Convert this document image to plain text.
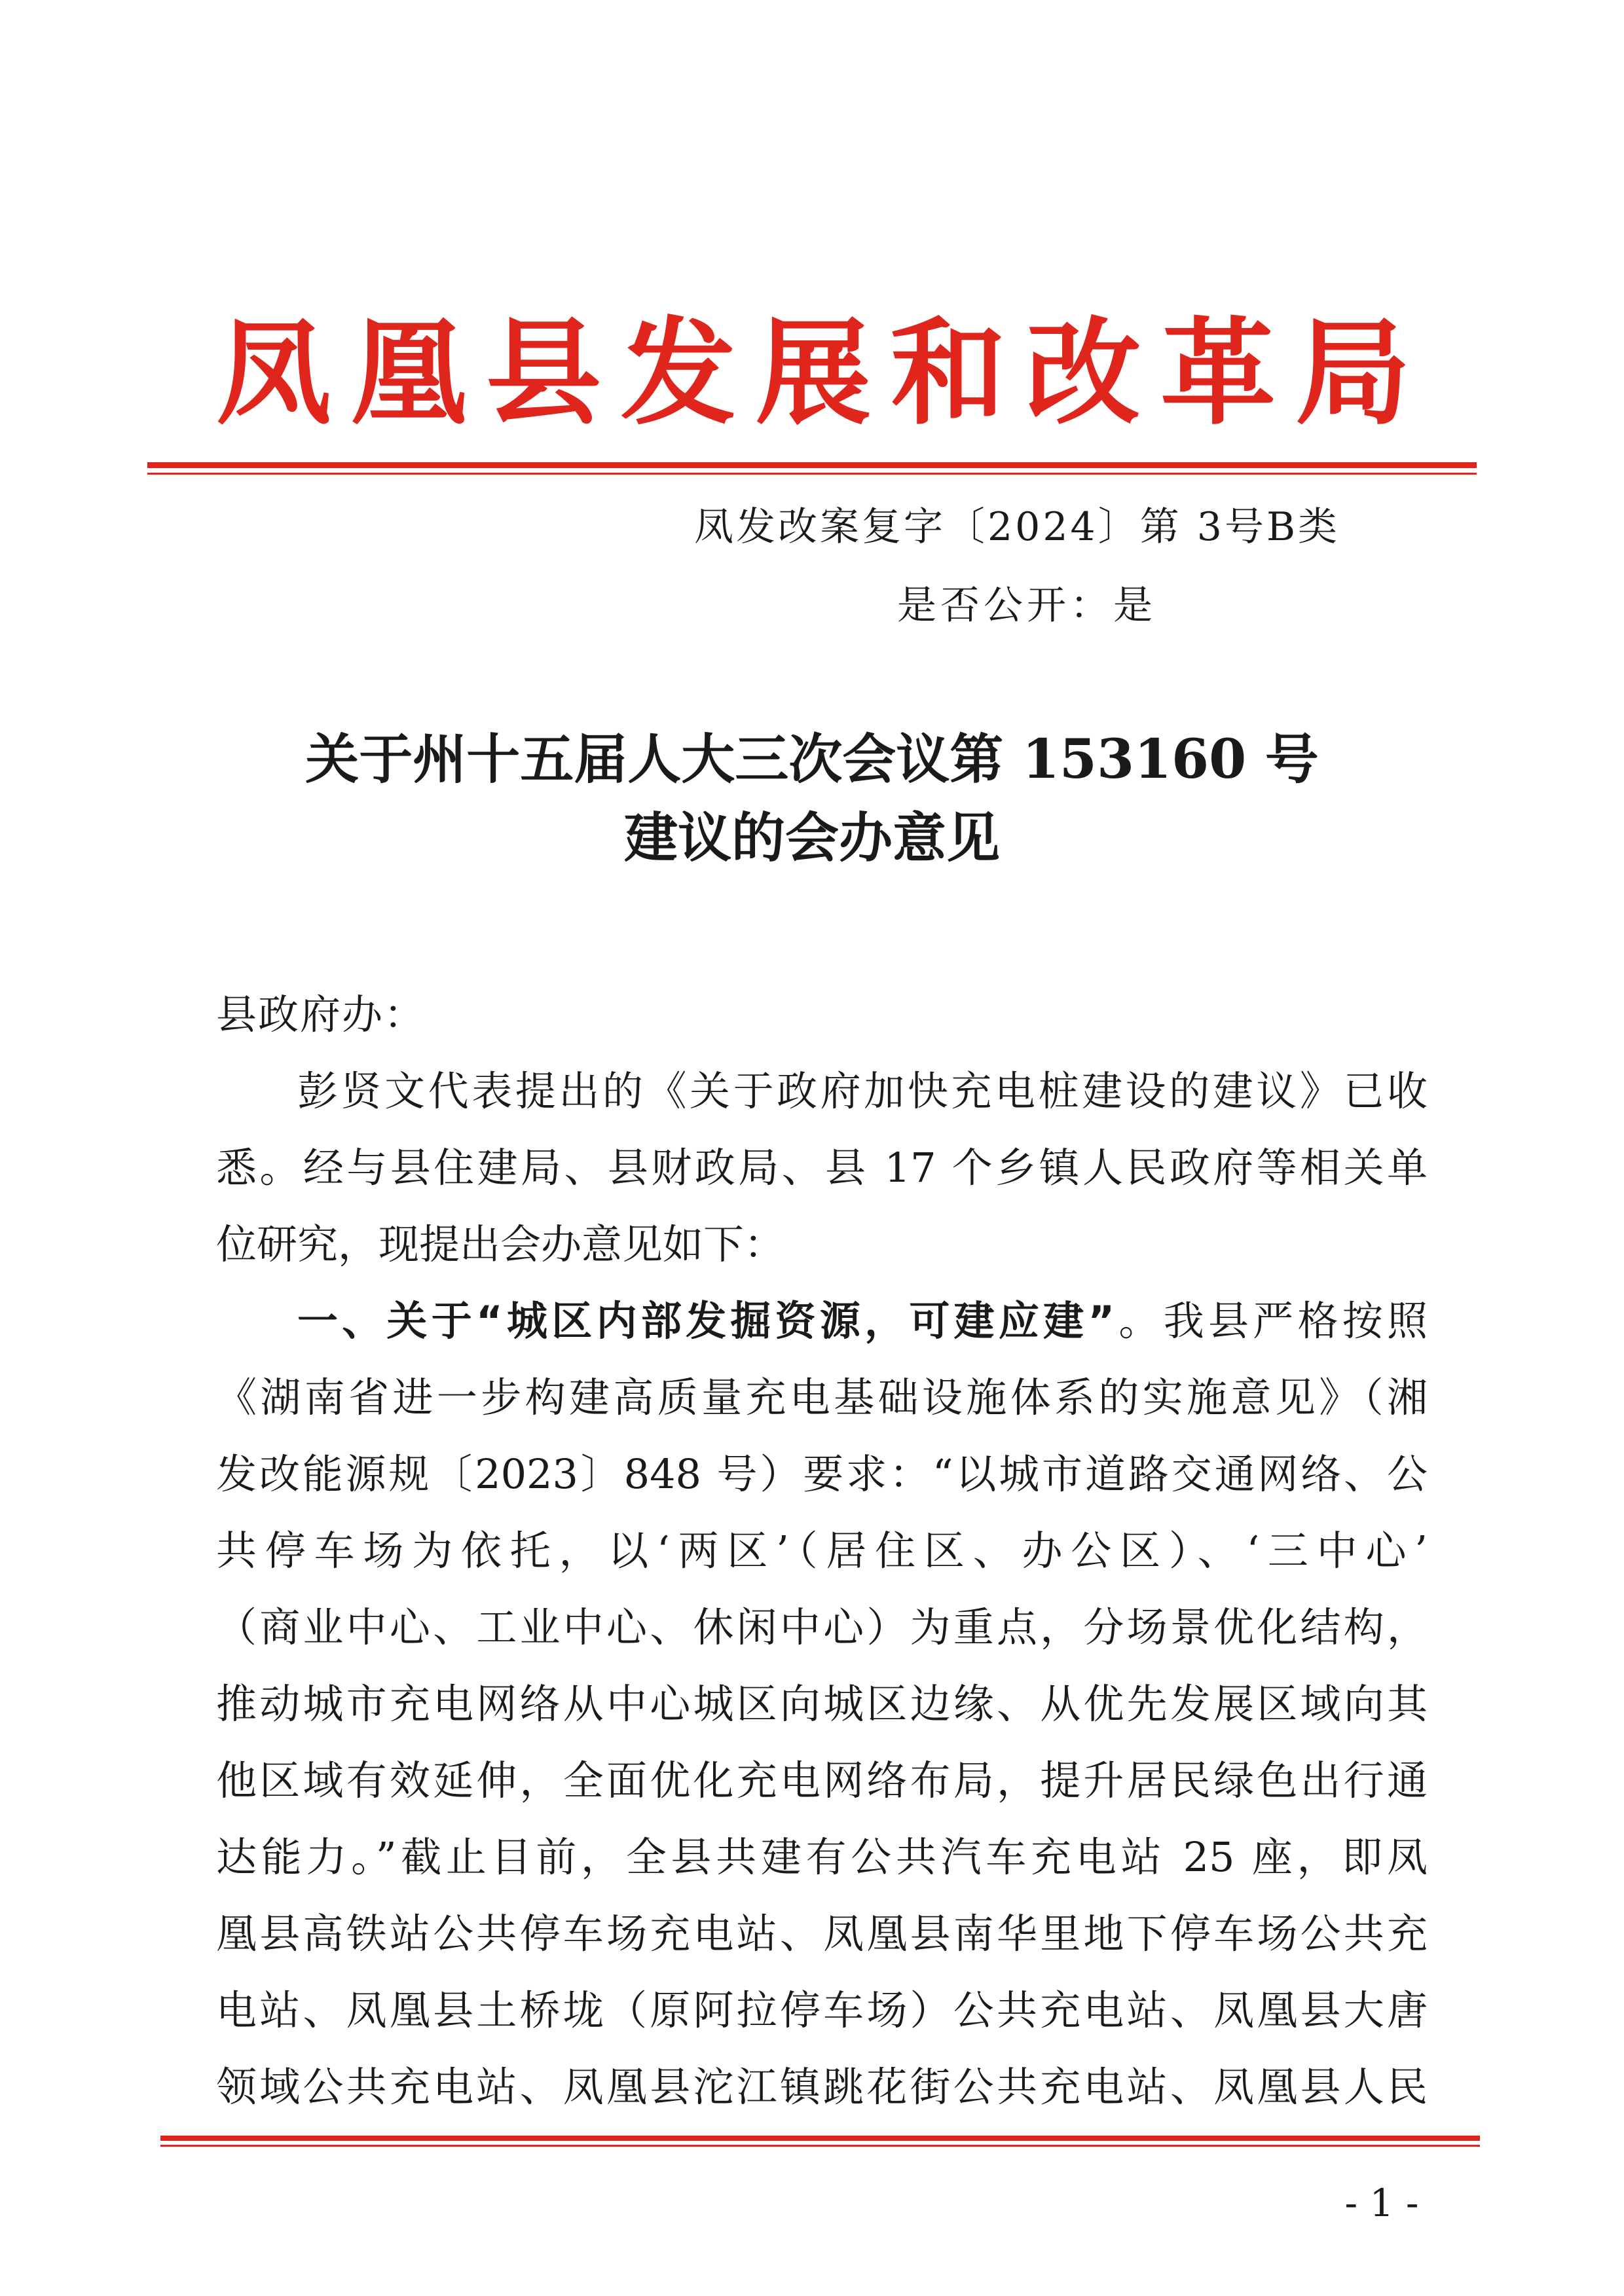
凤凰县发展和改革局
凤发改案复字〔2024〕第 3号B类
是否公开：是
关于州十五届人大三次会议第 153160 号
建议的会办意见
县政府办：
彭贤文代表提出的《关于政府加快充电桩建设的建议》已收
悉。经与县住建局、县财政局、县 17 个乡镇人民政府等相关单
位研究，现提出会办意见如下：
一、关于“城区内部发掘资源，可建应建”。我县严格按照
《湖南省进一步构建高质量充电基础设施体系的实施意见》（湘
发改能源规〔2023〕848 号）要求：“以城市道路交通网络、公
共停车场为依托，以‘两区’（居住区、办公区）、‘三中心’
（商业中心、工业中心、休闲中心）为重点，分场景优化结构，
推动城市充电网络从中心城区向城区边缘、从优先发展区域向其
他区域有效延伸，全面优化充电网络布局，提升居民绿色出行通
达能力。”截止目前，全县共建有公共汽车充电站 25 座，即凤
凰县高铁站公共停车场充电站、凤凰县南华里地下停车场公共充
电站、凤凰县土桥垅（原阿拉停车场）公共充电站、凤凰县大唐
领域公共充电站、凤凰县沱江镇跳花街公共充电站、凤凰县人民
- 1 -
